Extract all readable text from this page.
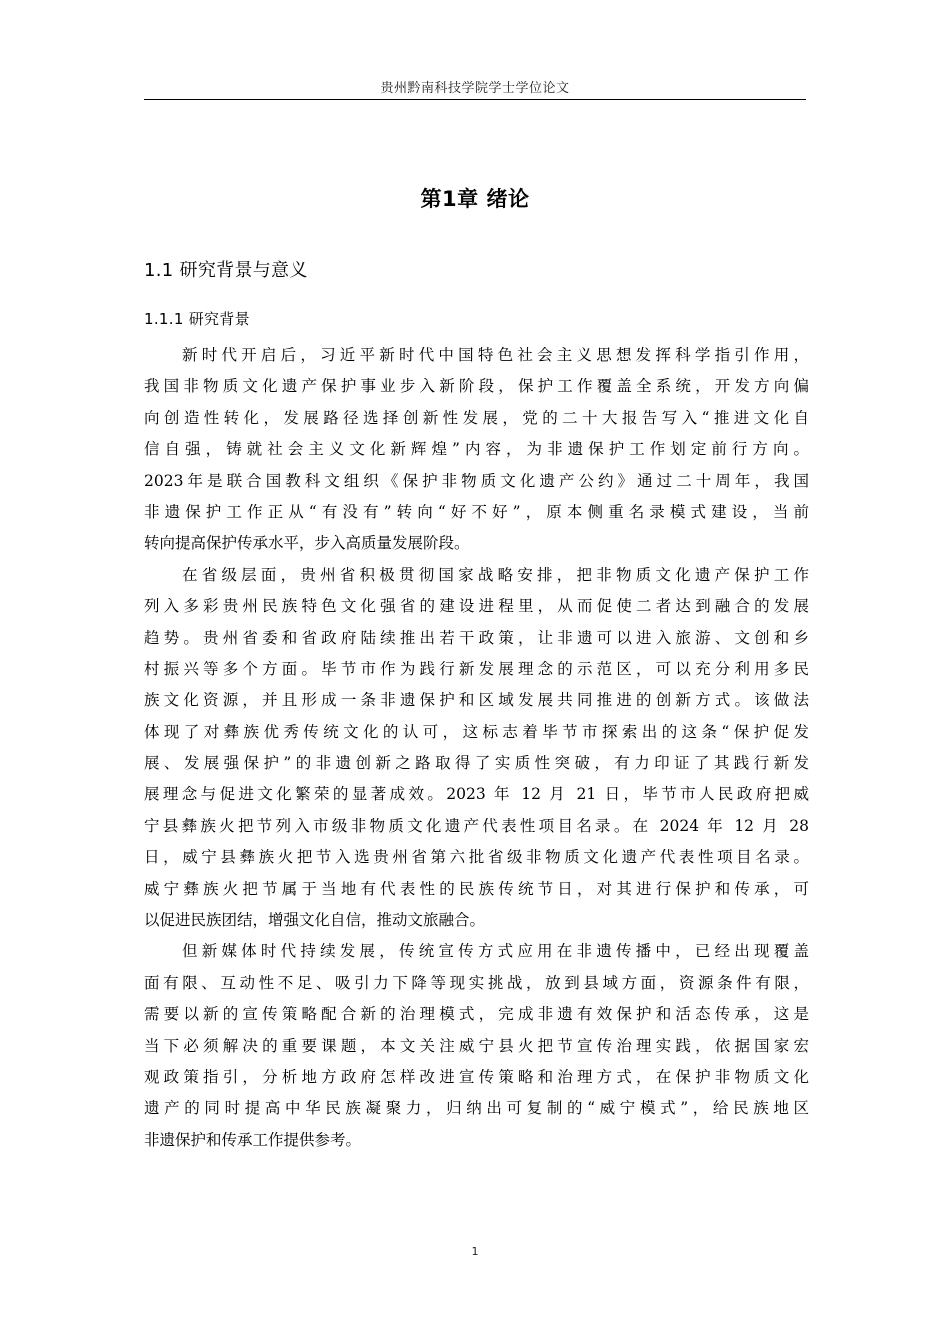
贵州黔南科技学院学士学位论文
第1章 绪论
1.1 研究背景与意义
1.1.1 研究背景
新时代开启后，习近平新时代中国特色社会主义思想发挥科学指引作用，
我国非物质文化遗产保护事业步入新阶段，保护工作覆盖全系统，开发方向偏
向创造性转化，发展路径选择创新性发展，党的二十大报告写入“推进文化自
信自强，铸就社会主义文化新辉煌”内容，为非遗保护工作划定前行方向。
2023年是联合国教科文组织《保护非物质文化遗产公约》通过二十周年，我国
非遗保护工作正从“有没有”转向“好不好”，原本侧重名录模式建设，当前
转向提高保护传承水平，步入高质量发展阶段。
在省级层面，贵州省积极贯彻国家战略安排，把非物质文化遗产保护工作
列入多彩贵州民族特色文化强省的建设进程里，从而促使二者达到融合的发展
趋势。贵州省委和省政府陆续推出若干政策，让非遗可以进入旅游、文创和乡
村振兴等多个方面。毕节市作为践行新发展理念的示范区，可以充分利用多民
族文化资源，并且形成一条非遗保护和区域发展共同推进的创新方式。该做法
体现了对彝族优秀传统文化的认可，这标志着毕节市探索出的这条“保护促发
展、发展强保护”的非遗创新之路取得了实质性突破，有力印证了其践行新发
展理念与促进文化繁荣的显著成效。2023 年 12 月 21 日，毕节市人民政府把威
宁县彝族火把节列入市级非物质文化遗产代表性项目名录。在 2024 年 12 月 28
日，威宁县彝族火把节入选贵州省第六批省级非物质文化遗产代表性项目名录。
威宁彝族火把节属于当地有代表性的民族传统节日，对其进行保护和传承，可
以促进民族团结，增强文化自信，推动文旅融合。
但新媒体时代持续发展，传统宣传方式应用在非遗传播中，已经出现覆盖
面有限、互动性不足、吸引力下降等现实挑战，放到县域方面，资源条件有限，
需要以新的宣传策略配合新的治理模式，完成非遗有效保护和活态传承，这是
当下必须解决的重要课题，本文关注威宁县火把节宣传治理实践，依据国家宏
观政策指引，分析地方政府怎样改进宣传策略和治理方式，在保护非物质文化
遗产的同时提高中华民族凝聚力，归纳出可复制的“威宁模式”，给民族地区
非遗保护和传承工作提供参考。
1
